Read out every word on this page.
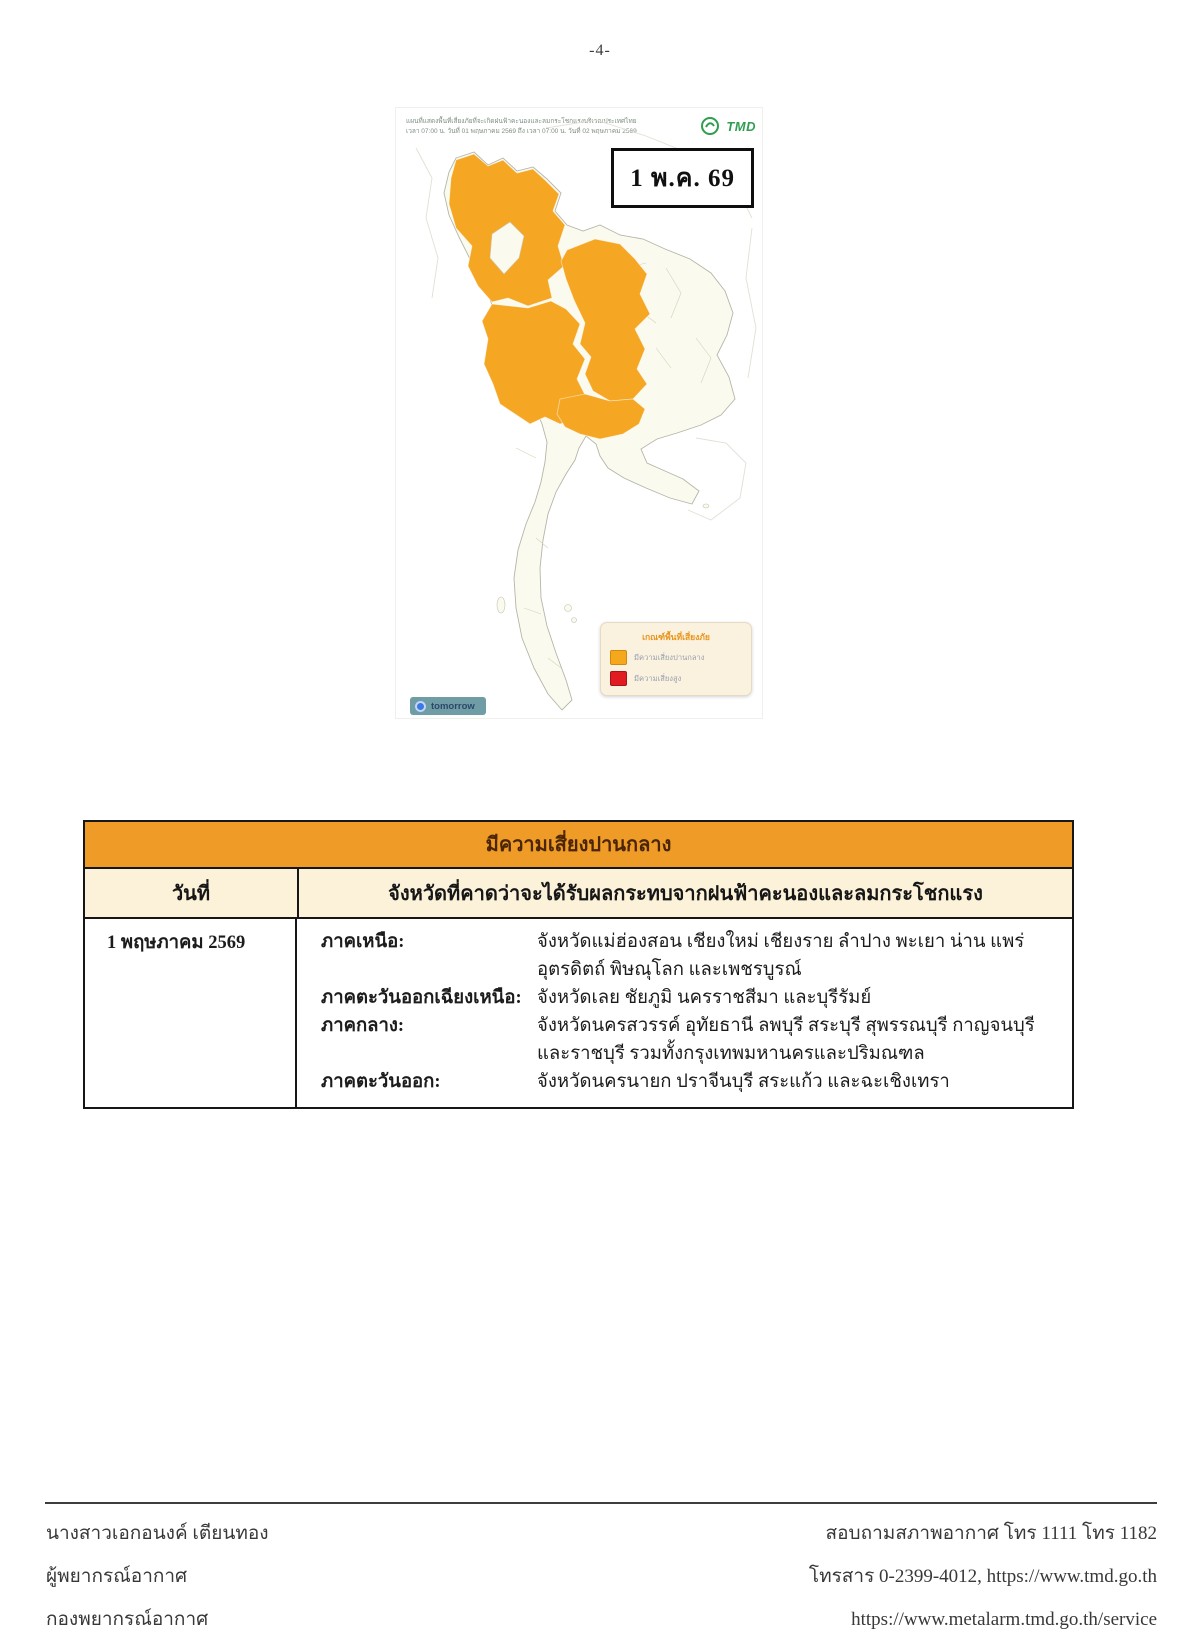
-4-
แผนที่แสดงพื้นที่เสี่ยงภัยที่จะเกิดฝนฟ้าคะนองและลมกระโชกแรงบริเวณประเทศไทย
เวลา 07:00 น. วันที่ 01 พฤษภาคม 2569 ถึง เวลา 07:00 น. วันที่ 02 พฤษภาคม 2569	TMD
1 พ.ค. 69
เกณฑ์พื้นที่เสี่ยงภัย
มีความเสี่ยงปานกลาง
มีความเสี่ยงสูง
tomorrow
มีความเสี่ยงปานกลาง
วันที่	จังหวัดที่คาดว่าจะได้รับผลกระทบจากฝนฟ้าคะนองและลมกระโชกแรง
1 พฤษภาคม 2569	ภาคเหนือ:	จังหวัดแม่ฮ่องสอน เชียงใหม่ เชียงราย ลำปาง พะเยา น่าน แพร่ อุตรดิตถ์ พิษณุโลก และเพชรบูรณ์
ภาคตะวันออกเฉียงเหนือ: จังหวัดเลย ชัยภูมิ นครราชสีมา และบุรีรัมย์
ภาคกลาง:	จังหวัดนครสวรรค์ อุทัยธานี ลพบุรี สระบุรี สุพรรณบุรี กาญจนบุรี และราชบุรี รวมทั้งกรุงเทพมหานครและปริมณฑล
ภาคตะวันออก:	จังหวัดนครนายก ปราจีนบุรี สระแก้ว และฉะเชิงเทรา
นางสาวเอกอนงค์ เตียนทอง
ผู้พยากรณ์อากาศ
กองพยากรณ์อากาศ
สอบถามสภาพอากาศ โทร 1111 โทร 1182
โทรสาร 0-2399-4012, https://www.tmd.go.th
https://www.metalarm.tmd.go.th/service
